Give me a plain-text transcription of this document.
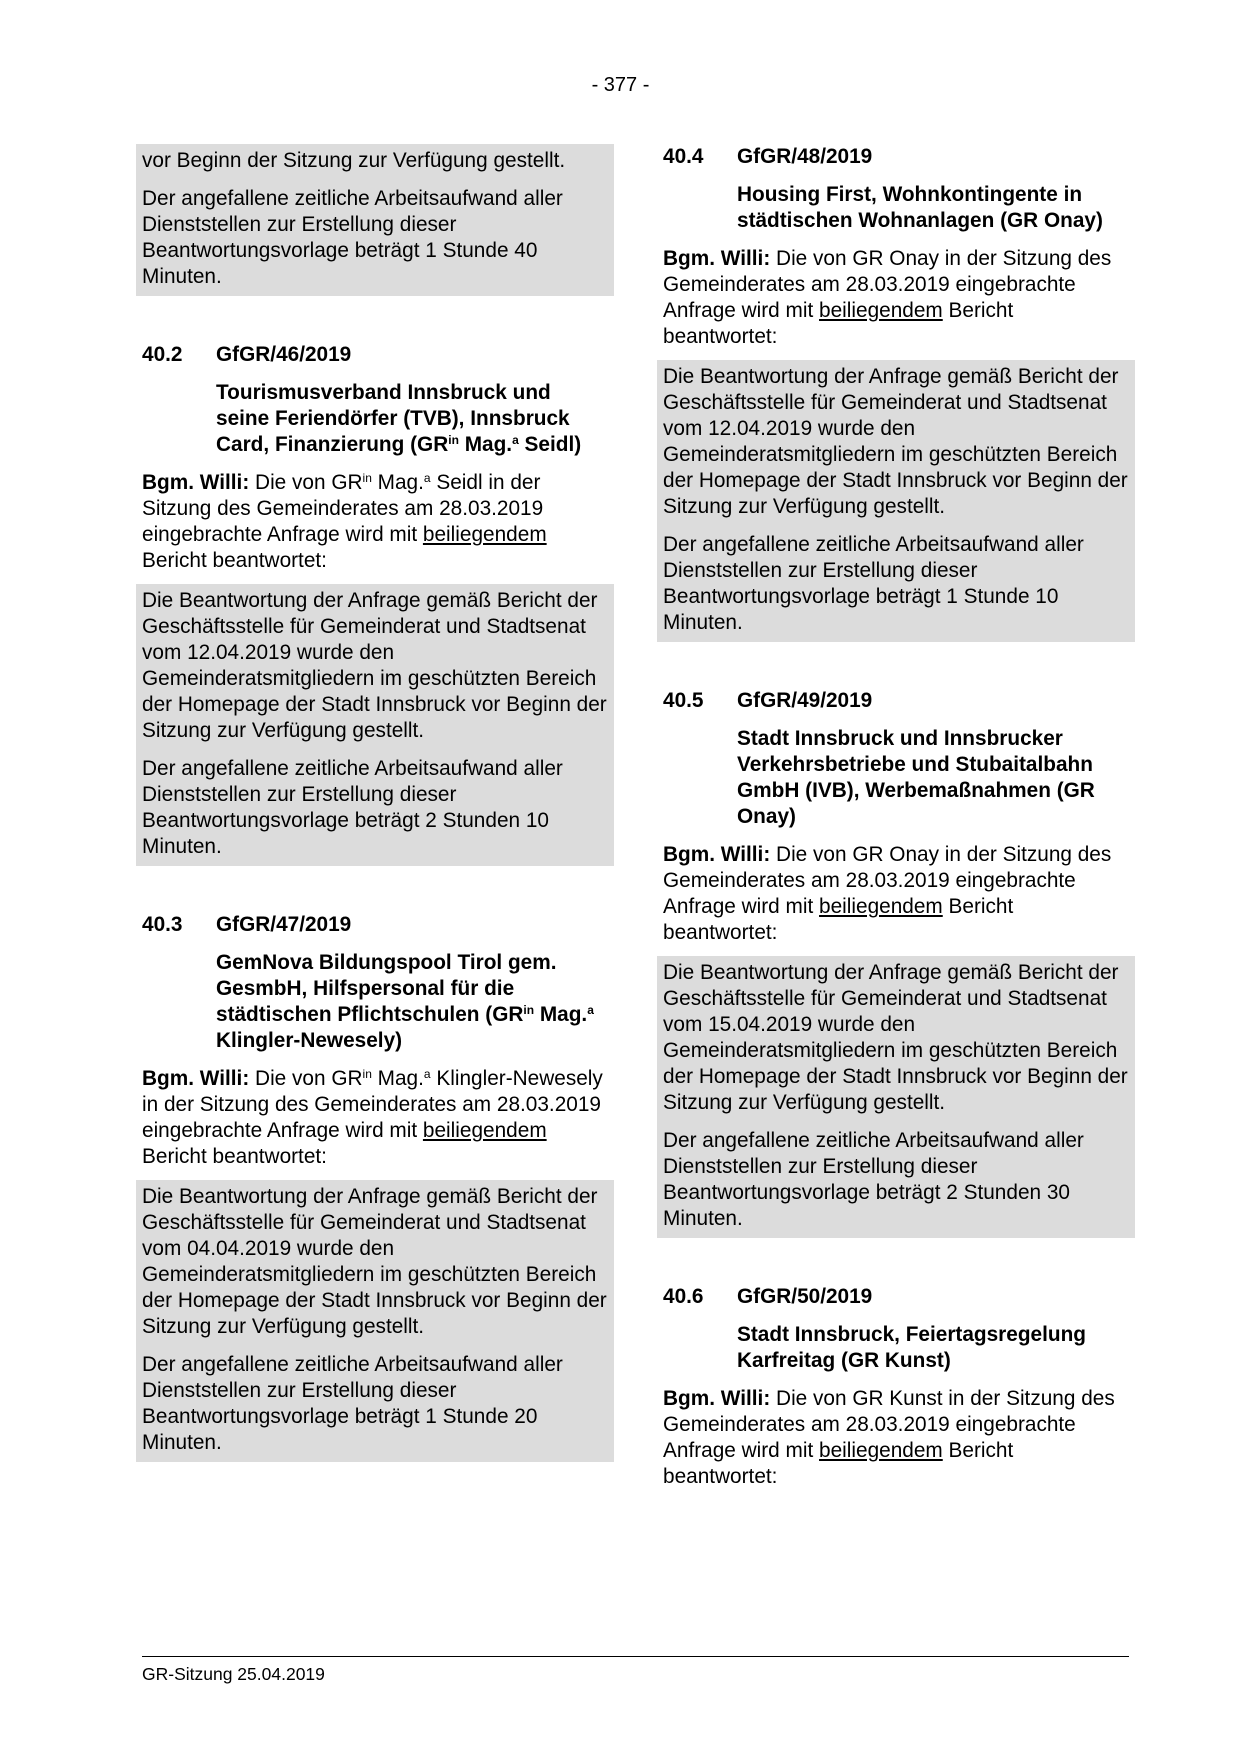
- 377 -

vor Beginn der Sitzung zur Verfügung gestellt.

Der angefallene zeitliche Arbeitsaufwand aller Dienststellen zur Erstellung dieser Beantwortungsvorlage beträgt 1 Stunde 40 Minuten.

40.2 GfGR/46/2019
Tourismusverband Innsbruck und seine Feriendörfer (TVB), Innsbruck Card, Finanzierung ($GR^{in}$ Mag.$^a$ Seidl)

Bgm. Willi: Die von $GR^{in}$ Mag.$^a$ Seidl in der Sitzung des Gemeinderates am 28.03.2019 eingebrachte Anfrage wird mit beiliegendem Bericht beantwortet:

Die Beantwortung der Anfrage gemäß Bericht der Geschäftsstelle für Gemeinderat und Stadtsenat vom 12.04.2019 wurde den Gemeinderatsmitgliedern im geschützten Bereich der Homepage der Stadt Innsbruck vor Beginn der Sitzung zur Verfügung gestellt.

Der angefallene zeitliche Arbeitsaufwand aller Dienststellen zur Erstellung dieser Beantwortungsvorlage beträgt 2 Stunden 10 Minuten.

40.3 GfGR/47/2019
GemNova Bildungspool Tirol gem. GesmbH, Hilfspersonal für die städtischen Pflichtschulen ($GR^{in}$ Mag.$^a$ Klingler-Newesely)

Bgm. Willi: Die von $GR^{in}$ Mag.$^a$ Klingler-Newesely in der Sitzung des Gemeinderates am 28.03.2019 eingebrachte Anfrage wird mit beiliegendem Bericht beantwortet:

Die Beantwortung der Anfrage gemäß Bericht der Geschäftsstelle für Gemeinderat und Stadtsenat vom 04.04.2019 wurde den Gemeinderatsmitgliedern im geschützten Bereich der Homepage der Stadt Innsbruck vor Beginn der Sitzung zur Verfügung gestellt.

Der angefallene zeitliche Arbeitsaufwand aller Dienststellen zur Erstellung dieser Beantwortungsvorlage beträgt 1 Stunde 20 Minuten.

40.4 GfGR/48/2019
Housing First, Wohnkontingente in städtischen Wohnanlagen (GR Onay)

Bgm. Willi: Die von GR Onay in der Sitzung des Gemeinderates am 28.03.2019 eingebrachte Anfrage wird mit beiliegendem Bericht beantwortet:

Die Beantwortung der Anfrage gemäß Bericht der Geschäftsstelle für Gemeinderat und Stadtsenat vom 12.04.2019 wurde den Gemeinderatsmitgliedern im geschützten Bereich der Homepage der Stadt Innsbruck vor Beginn der Sitzung zur Verfügung gestellt.

Der angefallene zeitliche Arbeitsaufwand aller Dienststellen zur Erstellung dieser Beantwortungsvorlage beträgt 1 Stunde 10 Minuten.

40.5 GfGR/49/2019
Stadt Innsbruck und Innsbrucker Verkehrsbetriebe und Stubaitalbahn GmbH (IVB), Werbemaßnahmen (GR Onay)

Bgm. Willi: Die von GR Onay in der Sitzung des Gemeinderates am 28.03.2019 eingebrachte Anfrage wird mit beiliegendem Bericht beantwortet:

Die Beantwortung der Anfrage gemäß Bericht der Geschäftsstelle für Gemeinderat und Stadtsenat vom 15.04.2019 wurde den Gemeinderatsmitgliedern im geschützten Bereich der Homepage der Stadt Innsbruck vor Beginn der Sitzung zur Verfügung gestellt.

Der angefallene zeitliche Arbeitsaufwand aller Dienststellen zur Erstellung dieser Beantwortungsvorlage beträgt 2 Stunden 30 Minuten.

40.6 GfGR/50/2019
Stadt Innsbruck, Feiertagsregelung Karfreitag (GR Kunst)

Bgm. Willi: Die von GR Kunst in der Sitzung des Gemeinderates am 28.03.2019 eingebrachte Anfrage wird mit beiliegendem Bericht beantwortet:

GR-Sitzung 25.04.2019
